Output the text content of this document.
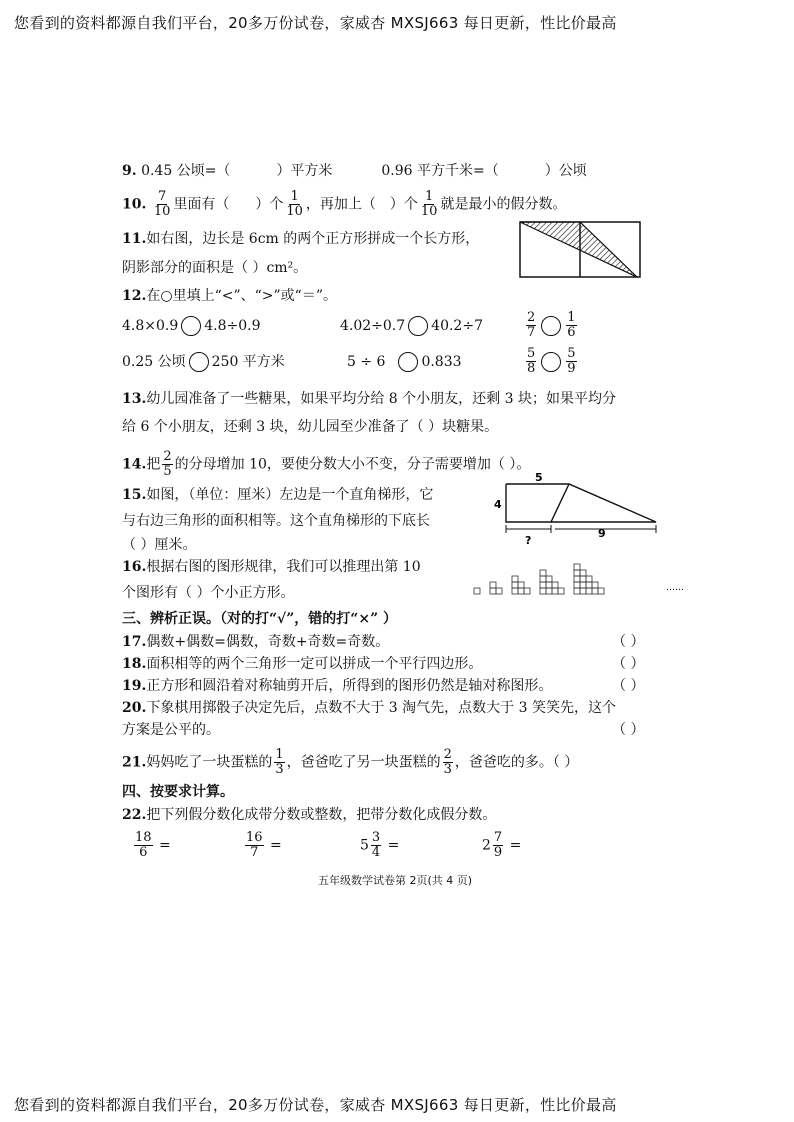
您看到的资料都源自我们平台，20多万份试卷，家威杏 MXSJ663 每日更新，性比价最高
9. 0.45 公顷=（	）平方米	0.96 平方千米=（	）公顷
10. $\frac{7}{10}$ 里面有（ ）个 $\frac{1}{10}$ ，再加上（ ）个 $\frac{1}{10}$ 就是最小的假分数。
11.如右图，边长是 6cm 的两个正方形拼成一个长方形，
阴影部分的面积是（ ）cm²。
12.在○里填上“<”、“>”或“＝”。
4.8×0.9 4.8÷0.9	4.02÷0.7 40.2÷7	$\frac{2}{7} \frac{1}{6}$
0.25 公顷 250 平方米	5 ÷ 6	0.833	$\frac{5}{8} \frac{5}{9}$
13.幼儿园准备了一些糖果，如果平均分给 8 个小朋友，还剩 3 块；如果平均分
给 6 个小朋友，还剩 3 块，幼儿园至少准备了（ ）块糖果。
14.把 $\frac{2}{5}$ 的分母增加 10，要使分数大小不变，分子需要增加（ ）。
15.如图，（单位：厘米）左边是一个直角梯形，它
与右边三角形的面积相等。这个直角梯形的下底长
（ ）厘米。
5
4
?
9
16.根据右图的图形规律，我们可以推理出第 10
个图形有（ ）个小正方形。	……
三、辨析正误。（对的打“√”，错的打“×” ）
17.偶数+偶数=偶数，奇数+奇数=奇数。	（ ）
18.面积相等的两个三角形一定可以拼成一个平行四边形。	（ ）
19.正方形和圆沿着对称轴剪开后，所得到的图形仍然是轴对称图形。	（ ）
20.下象棋用掷骰子决定先后，点数不大于 3 淘气先，点数大于 3 笑笑先，这个
方案是公平的。	（ ）
21.妈妈吃了一块蛋糕的 $\frac{1}{3}$ ，爸爸吃了另一块蛋糕的 $\frac{2}{3}$ ，爸爸吃的多。（ ）
四、按要求计算。
22.把下列假分数化成带分数或整数，把带分数化成假分数。
$\frac{18}{6}$ =	$\frac{16}{7}$ =	$5 \frac{3}{4}$ =	$2 \frac{7}{9}$ =
五年级数学试卷第 2页(共 4 页)
您看到的资料都源自我们平台，20多万份试卷，家威杏 MXSJ663 每日更新，性比价最高
